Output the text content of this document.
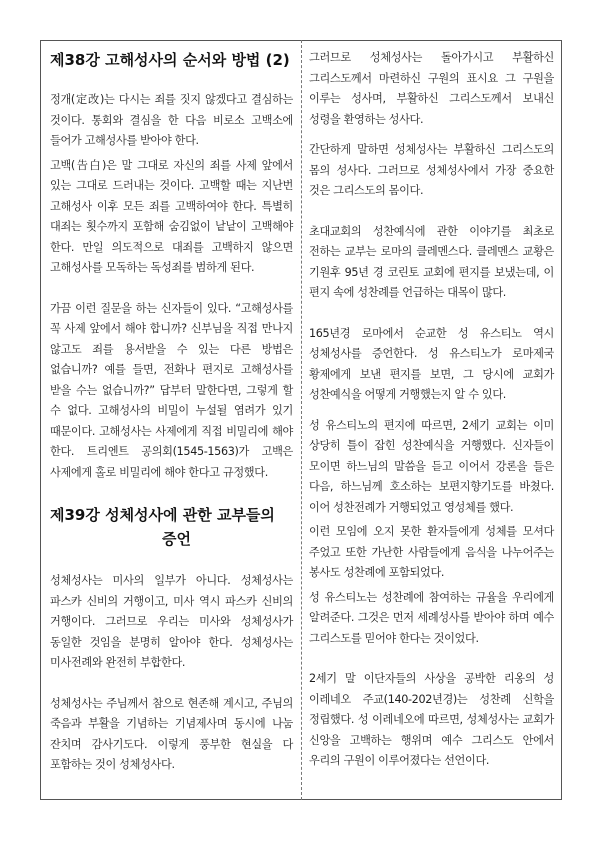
제38강 고해성사의 순서와 방법 (2)

정개(定改)는 다시는 죄를 짓지 않겠다고 결심하는 것이다. 통회와 결심을 한 다음 비로소 고백소에 들어가 고해성사를 받아야 한다.

고백(告白)은 말 그대로 자신의 죄를 사제 앞에서 있는 그대로 드러내는 것이다. 고백할 때는 지난번 고해성사 이후 모든 죄를 고백하여야 한다. 특별히 대죄는 횟수까지 포함해 숨김없이 낱낱이 고백해야 한다. 만일 의도적으로 대죄를 고백하지 않으면 고해성사를 모독하는 독성죄를 범하게 된다.

가끔 이런 질문을 하는 신자들이 있다. “고해성사를 꼭 사제 앞에서 해야 합니까? 신부님을 직접 만나지 않고도 죄를 용서받을 수 있는 다른 방법은 없습니까? 예를 들면, 전화나 편지로 고해성사를 받을 수는 없습니까?” 답부터 말한다면, 그렇게 할 수 없다. 고해성사의 비밀이 누설될 염려가 있기 때문이다. 고해성사는 사제에게 직접 비밀리에 해야 한다. 트리엔트 공의회(1545-1563)가 고백은 사제에게 홀로 비밀리에 해야 한다고 규정했다.

제39강 성체성사에 관한 교부들의
증언

성체성사는 미사의 일부가 아니다. 성체성사는 파스카 신비의 거행이고, 미사 역시 파스카 신비의 거행이다. 그러므로 우리는 미사와 성체성사가 동일한 것임을 분명히 알아야 한다. 성체성사는 미사전례와 완전히 부합한다.

성체성사는 주님께서 참으로 현존해 계시고, 주님의 죽음과 부활을 기념하는 기념제사며 동시에 나눔 잔치며 감사기도다. 이렇게 풍부한 현실을 다 포함하는 것이 성체성사다.

그러므로 성체성사는 돌아가시고 부활하신 그리스도께서 마련하신 구원의 표시요 그 구원을 이루는 성사며, 부활하신 그리스도께서 보내신 성령을 환영하는 성사다.

간단하게 말하면 성체성사는 부활하신 그리스도의 몸의 성사다. 그러므로 성체성사에서 가장 중요한 것은 그리스도의 몸이다.

초대교회의 성찬예식에 관한 이야기를 최초로 전하는 교부는 로마의 클레멘스다. 클레멘스 교황은 기원후 95년 경 코린토 교회에 편지를 보냈는데, 이 편지 속에 성찬례를 언급하는 대목이 많다.

165년경 로마에서 순교한 성 유스티노 역시 성체성사를 증언한다. 성 유스티노가 로마제국 황제에게 보낸 편지를 보면, 그 당시에 교회가 성찬예식을 어떻게 거행했는지 알 수 있다.

성 유스티노의 편지에 따르면, 2세기 교회는 이미 상당히 틀이 잡힌 성찬예식을 거행했다. 신자들이 모이면 하느님의 말씀을 듣고 이어서 강론을 들은 다음, 하느님께 호소하는 보편지향기도를 바쳤다. 이어 성찬전례가 거행되었고 영성체를 했다.

이런 모임에 오지 못한 환자들에게 성체를 모셔다 주었고 또한 가난한 사람들에게 음식을 나누어주는 봉사도 성찬례에 포함되었다.

성 유스티노는 성찬례에 참여하는 규율을 우리에게 알려준다. 그것은 먼저 세례성사를 받아야 하며 예수 그리스도를 믿어야 한다는 것이었다.

2세기 말 이단자들의 사상을 공박한 리옹의 성 이레네오 주교(140-202년경)는 성찬례 신학을 정립했다. 성 이레네오에 따르면, 성체성사는 교회가 신앙을 고백하는 행위며 예수 그리스도 안에서 우리의 구원이 이루어졌다는 선언이다.
